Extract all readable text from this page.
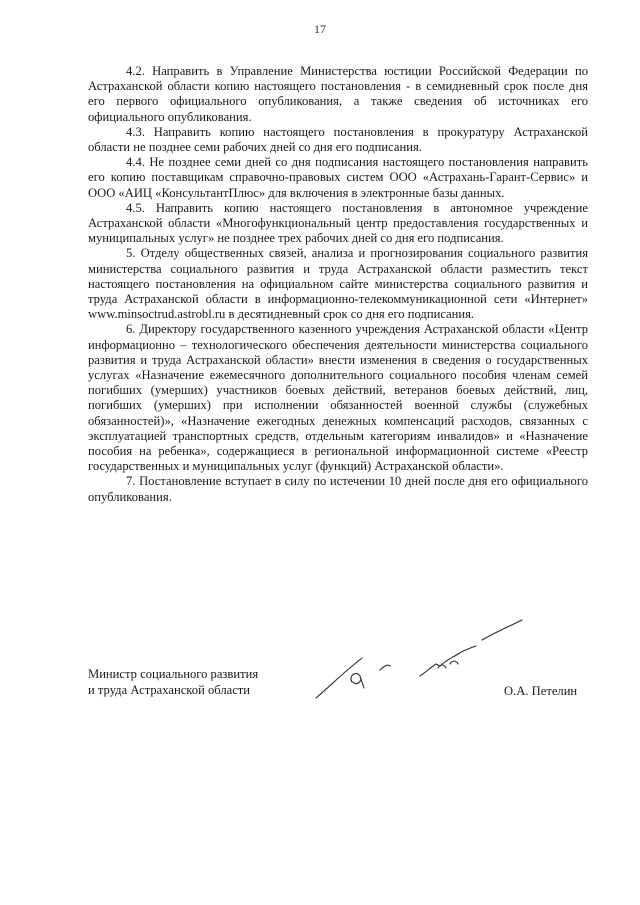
17

4.2. Направить в Управление Министерства юстиции Российской Федерации по Астраханской области копию настоящего постановления - в семидневный срок после дня его первого официального опубликования, а также сведения об источниках его официального опубликования.

4.3. Направить копию настоящего постановления в прокуратуру Астраханской области не позднее семи рабочих дней со дня его подписания.

4.4. Не позднее семи дней со дня подписания настоящего постановления направить его копию поставщикам справочно-правовых систем ООО «Астрахань-Гарант-Сервис» и ООО «АИЦ «КонсультантПлюс» для включения в электронные базы данных.

4.5. Направить копию настоящего постановления в автономное учреждение Астраханской области «Многофункциональный центр предоставления государственных и муниципальных услуг» не позднее трех рабочих дней со дня его подписания.

5. Отделу общественных связей, анализа и прогнозирования социального развития министерства социального развития и труда Астраханской области разместить текст настоящего постановления на официальном сайте министерства социального развития и труда Астраханской области в информационно-телекоммуникационной сети «Интернет» www.minsoctrud.astrobl.ru в десятидневный срок со дня его подписания.

6. Директору государственного казенного учреждения Астраханской области «Центр информационно – технологического обеспечения деятельности министерства социального развития и труда Астраханской области» внести изменения в сведения о государственных услугах «Назначение ежемесячного дополнительного социального пособия членам семей погибших (умерших) участников боевых действий, ветеранов боевых действий, лиц, погибших (умерших) при исполнении обязанностей военной службы (служебных обязанностей)», «Назначение ежегодных денежных компенсаций расходов, связанных с эксплуатацией транспортных средств, отдельным категориям инвалидов» и «Назначение пособия на ребенка», содержащиеся в региональной информационной системе «Реестр государственных и муниципальных услуг (функций) Астраханской области».

7. Постановление вступает в силу по истечении 10 дней после дня его официального опубликования.

Министр социального развития
и труда Астраханской области	О.А. Петелин
